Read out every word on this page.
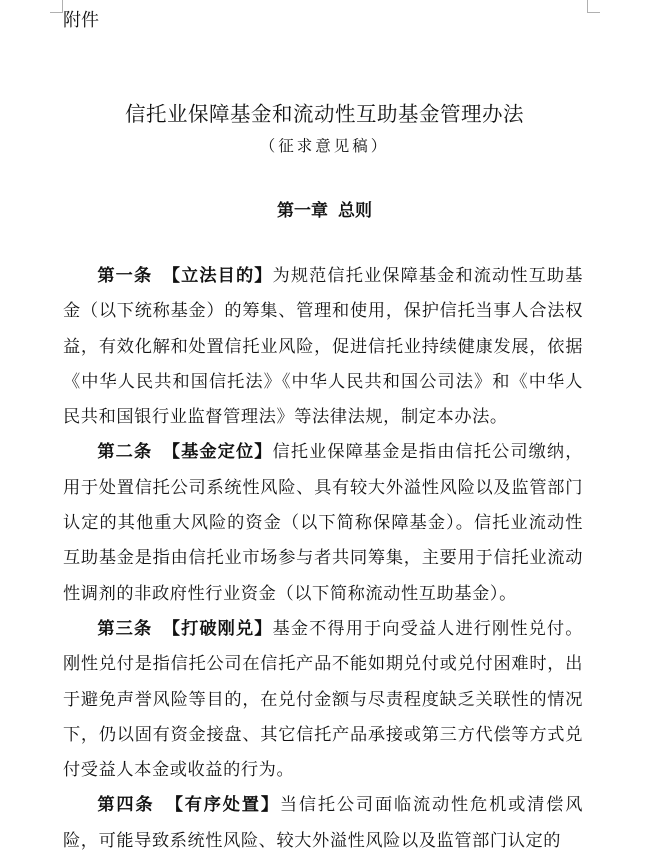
附件
信托业保障基金和流动性互助基金管理办法
（征求意见稿）
第一章 总则

第一条 【立法目的】为规范信托业保障基金和流动性互助基金（以下统称基金）的筹集、管理和使用，保护信托当事人合法权益，有效化解和处置信托业风险，促进信托业持续健康发展，依据《中华人民共和国信托法》《中华人民共和国公司法》和《中华人民共和国银行业监督管理法》等法律法规，制定本办法。

第二条 【基金定位】信托业保障基金是指由信托公司缴纳，用于处置信托公司系统性风险、具有较大外溢性风险以及监管部门认定的其他重大风险的资金（以下简称保障基金）。信托业流动性互助基金是指由信托业市场参与者共同筹集，主要用于信托业流动性调剂的非政府性行业资金（以下简称流动性互助基金）。

第三条 【打破刚兑】基金不得用于向受益人进行刚性兑付。刚性兑付是指信托公司在信托产品不能如期兑付或兑付困难时，出于避免声誉风险等目的，在兑付金额与尽责程度缺乏关联性的情况下，仍以固有资金接盘、其它信托产品承接或第三方代偿等方式兑付受益人本金或收益的行为。

第四条 【有序处置】当信托公司面临流动性危机或清偿风险，可能导致系统性风险、较大外溢性风险以及监管部门认定的
